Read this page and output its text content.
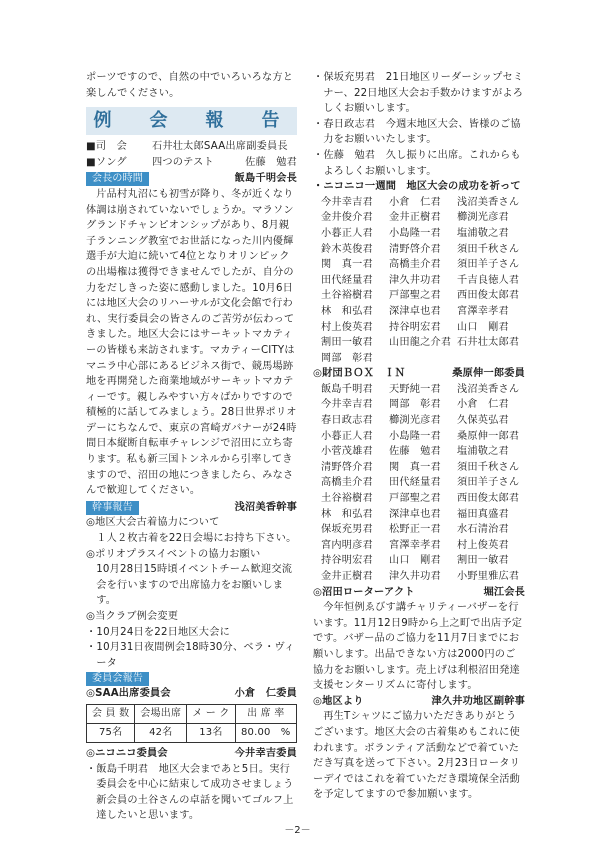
ポーツですので、自然の中でいろいろな方と楽しんでください。

例　会　報　告
■司　会	石井壮太郎SAA出席副委員長
■ソング	四つのテスト　　　佐藤　勉君
会長の時間	飯島千明会長

片品村丸沼にも初雪が降り、冬が近くなり体調は崩されていないでしょうか。マラソングランドチャンピオンシップがあり、8月親子ランニング教室でお世話になった川内優輝選手が大迫に続いて4位となりオリンピックの出場権は獲得できませんでしたが、自分の力をだしきった姿に感動しました。10月6日には地区大会のリハーサルが文化会館で行われ、実行委員会の皆さんのご苦労が伝わってきました。地区大会にはサーキットマカティーの皆様も来訪されます。マカティーCITYはマニラ中心部にあるビジネス街で、競馬場跡地を再開発した商業地域がサーキットマカティーです。親しみやすい方々ばかりですので積極的に話してみましょう。28日世界ポリオデーにちなんで、東京の宮崎ガバナーが24時間日本縦断自転車チャレンジで沼田に立ち寄ります。私も新三国トンネルから引率してきますので、沼田の地につきましたら、みなさんで歓迎してください。

幹事報告	浅沼美香幹事

◎地区大会古着協力について

１人２枚古着を22日会場にお持ち下さい。

◎ポリオプラスイベントの協力お願い

10月28日15時頃イベントチーム歓迎交流会を行いますので出席協力をお願いします。

◎当クラブ例会変更

・10月24日を22日地区大会に

・10月31日夜間例会18時30分、ベラ・ヴィータ

委員会報告
◎SAA出席委員会	小倉　仁委員
会 員 数	会場出席	メ ー ク	出 席 率
75名	42名	13名	80.00　%
◎ニコニコ委員会	今井幸吉委員

・飯島千明君　地区大会まであと5日。実行委員会を中心に結束して成功させましょう新会員の土谷さんの卓話を聞いてゴルフ上達したいと思います。

・保坂充男君　21日地区リーダーシップセミナー、22日地区大会お手数かけますがよろしくお願いします。

・春日政志君　今週末地区大会、皆様のご協力をお願いいたします。

・佐藤　勉君　久し振りに出席。これからもよろしくお願いします。

・ニコニコ一週間　地区大会の成功を祈って
今井幸吉君	小倉　仁君	浅沼美香さん
金井俊介君	金井正樹君	櫛渕光彦君
小暮正人君	小島隆一君	塩浦敬之君
鈴木英俊君	清野啓介君	須田千秋さん
関　真一君	高橋圭介君	須田羊子さん
田代経量君	津久井功君	千吉良徳人君
土谷裕樹君	戸部聖之君	西田俊太郎君
林　和弘君	深津卓也君	宮澤幸孝君
村上俊英君	持谷明宏君	山口　剛君
割田一敏君	山田龍之介君 石井壮太郎君
岡部　彰君
◎財団ＢＯＸ　ＩＮ	桑原伸一郎委員
飯島千明君	天野純一君	浅沼美香さん
今井幸吉君	岡部　彰君	小倉　仁君
春日政志君	櫛渕光彦君	久保英弘君
小暮正人君	小島隆一君	桑原伸一郎君
小菅茂雄君	佐藤　勉君	塩浦敬之君
清野啓介君	関　真一君	須田千秋さん
高橋圭介君	田代経量君	須田羊子さん
土谷裕樹君	戸部聖之君	西田俊太郎君
林　和弘君	深津卓也君	福田真盛君
保坂充男君	松野正一君	水石清治君
宮内明彦君	宮澤幸孝君	村上俊英君
持谷明宏君	山口　剛君	割田一敏君
金井正樹君	津久井功君	小野里雅広君
◎沼田ローターアクト	堀江会長

今年恒例ゑびす講チャリティーバザーを行います。11月12日9時から上之町で出店予定です。バザー品のご協力を11月7日までにお願いします。出品できない方は2000円のご協力をお願いします。売上げは利根沼田発達支援センターリズムに寄付します。

◎地区より	津久井功地区副幹事

再生Tシャツにご協力いただきありがとうございます。地区大会の古着集めもこれに使われます。ボランティア活動などで着ていただき写真を送って下さい。2月23日ロータリーデイではこれを着ていただき環境保全活動を予定してますので参加願います。

－2－
